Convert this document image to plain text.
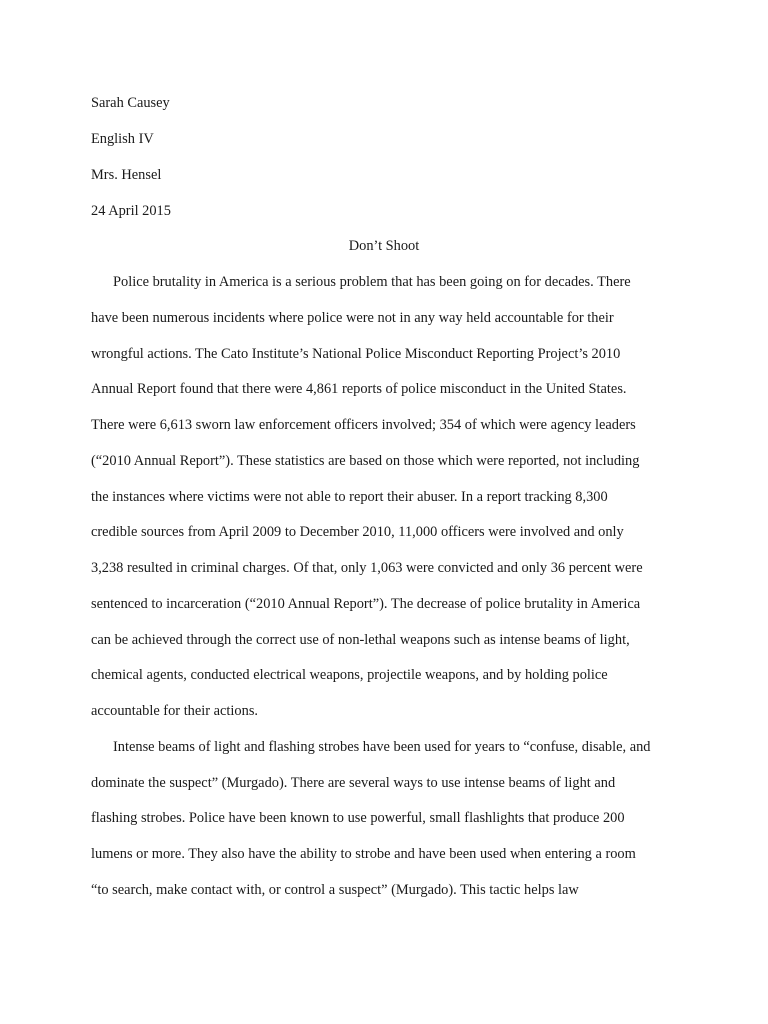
Sarah Causey
English IV
Mrs. Hensel
24 April 2015
Don’t Shoot
Police brutality in America is a serious problem that has been going on for decades. There
have been numerous incidents where police were not in any way held accountable for their
wrongful actions. The Cato Institute’s National Police Misconduct Reporting Project’s 2010
Annual Report found that there were 4,861 reports of police misconduct in the United States.
There were 6,613 sworn law enforcement officers involved; 354 of which were agency leaders
(“2010 Annual Report”). These statistics are based on those which were reported, not including
the instances where victims were not able to report their abuser. In a report tracking 8,300
credible sources from April 2009 to December 2010, 11,000 officers were involved and only
3,238 resulted in criminal charges. Of that, only 1,063 were convicted and only 36 percent were
sentenced to incarceration (“2010 Annual Report”). The decrease of police brutality in America
can be achieved through the correct use of non-lethal weapons such as intense beams of light,
chemical agents, conducted electrical weapons, projectile weapons, and by holding police
accountable for their actions.
Intense beams of light and flashing strobes have been used for years to “confuse, disable, and
dominate the suspect” (Murgado). There are several ways to use intense beams of light and
flashing strobes. Police have been known to use powerful, small flashlights that produce 200
lumens or more. They also have the ability to strobe and have been used when entering a room
“to search, make contact with, or control a suspect” (Murgado). This tactic helps law
